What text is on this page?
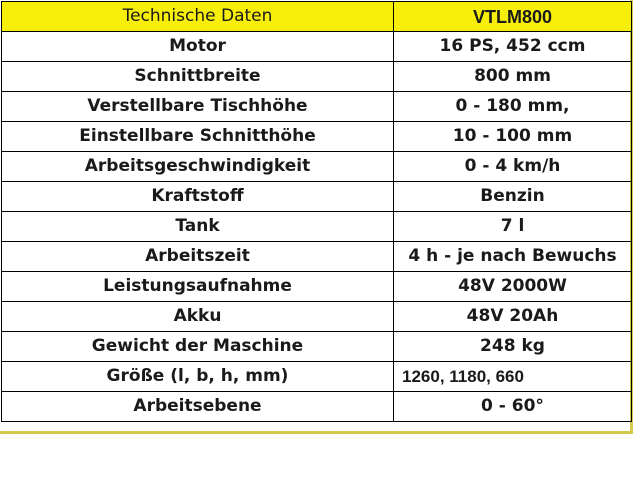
Technische Daten	VTLM800
Motor	16 PS, 452 ccm
Schnittbreite	800 mm
Verstellbare Tischhöhe	0 - 180 mm,
Einstellbare Schnitthöhe	10 - 100 mm
Arbeitsgeschwindigkeit	0 - 4 km/h
Kraftstoff	Benzin
Tank	7 l
Arbeitszeit	4 h - je nach Bewuchs
Leistungsaufnahme	48V 2000W
Akku	48V 20Ah
Gewicht der Maschine	248 kg
Größe (l, b, h, mm)	1260, 1180, 660
Arbeitsebene	0 - 60°
